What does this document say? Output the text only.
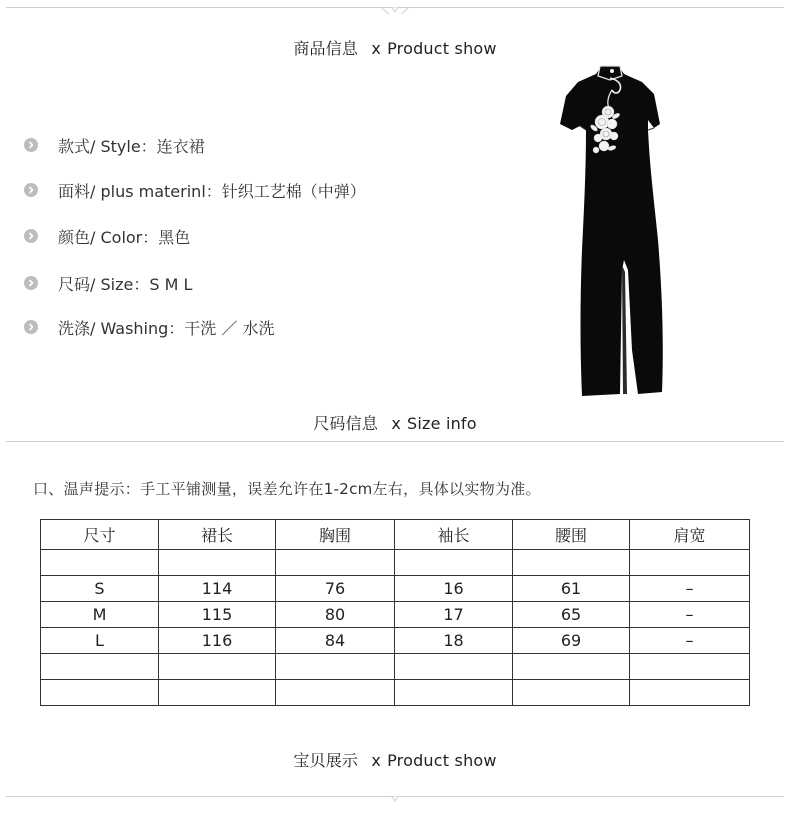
商品信息 x Product show
款式/ Style：连衣裙
面料/ plus materinl：针织工艺棉（中弹）
颜色/ Color：黑色
尺码/ Size：S M L
洗涤/ Washing：干洗 ／ 水洗
尺码信息 x Size info
口、温声提示：手工平铺测量，误差允许在1-2cm左右，具体以实物为准。
尺寸	裙长	胸围	袖长	腰围	肩宽

S	114	76	16	61	–
M	115	80	17	65	–
L	116	84	18	69	–

宝贝展示 x Product show
